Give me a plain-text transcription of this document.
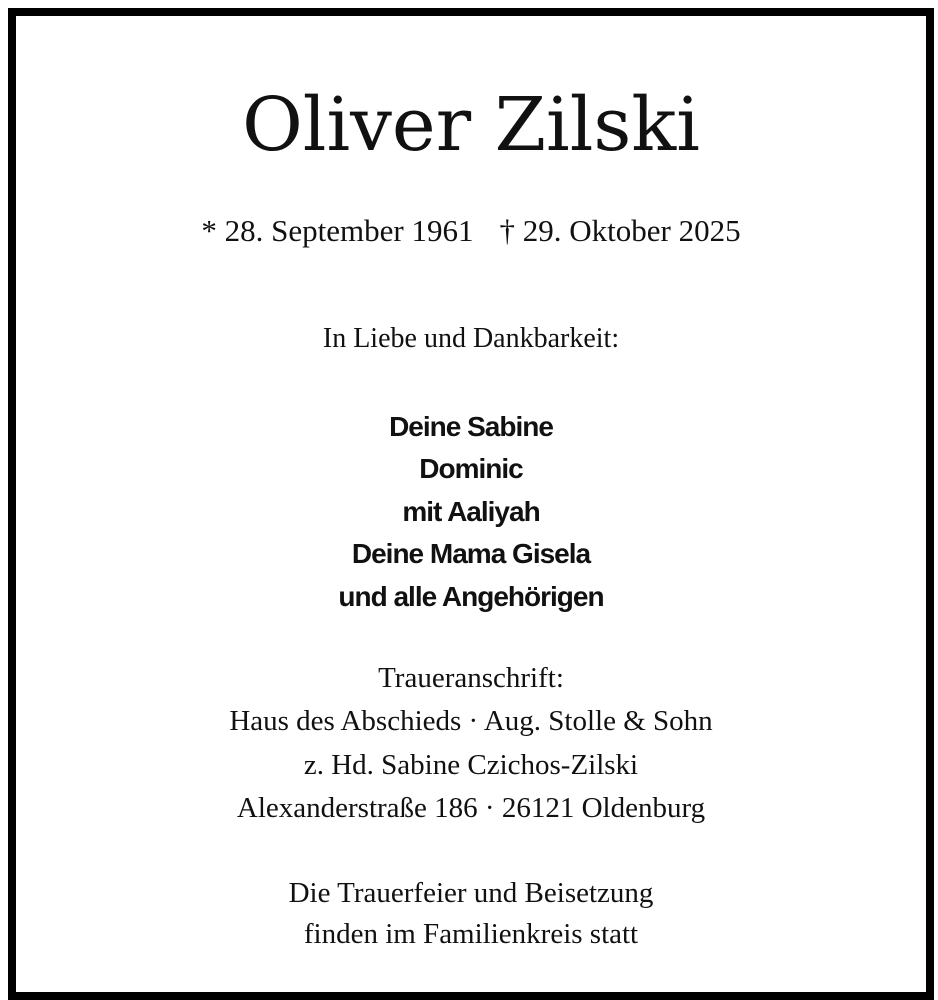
Oliver Zilski
* 28. September 1961 † 29. Oktober 2025
In Liebe und Dankbarkeit:
Deine Sabine
Dominic
mit Aaliyah
Deine Mama Gisela
und alle Angehörigen
Traueranschrift:
Haus des Abschieds · Aug. Stolle & Sohn
z. Hd. Sabine Czichos-Zilski
Alexanderstraße 186 · 26121 Oldenburg
Die Trauerfeier und Beisetzung
finden im Familienkreis statt
